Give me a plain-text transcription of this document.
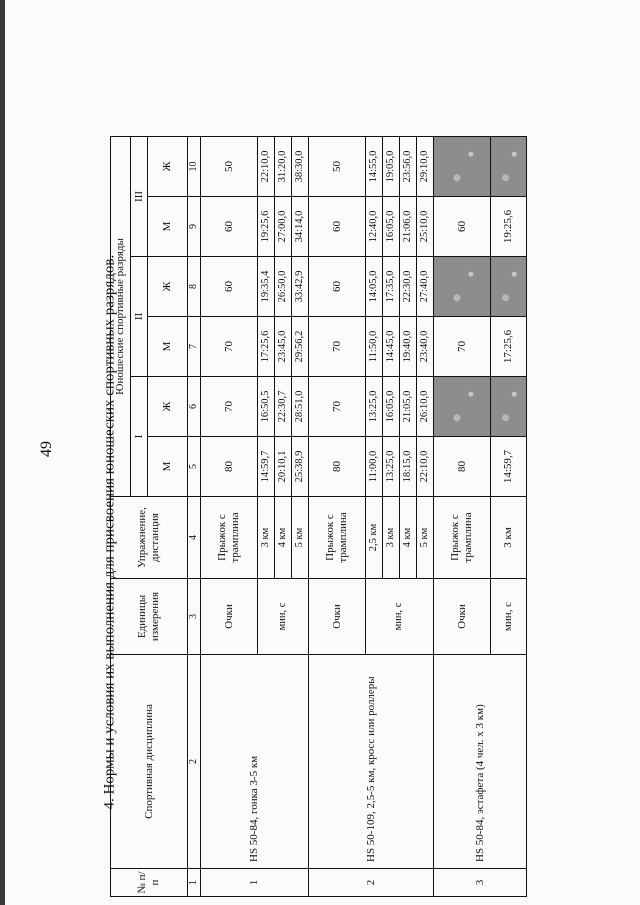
49	4. Нормы и условия их выполнения для присвоения юношеских спортивных разрядов.
№ п/п	Спортивная дисциплина	Единицы измерения	Упражнение, дистанция	Юношеские спортивные разряды					
				I		II		III	
				М	Ж	М	Ж	М	Ж
1	2	3	4	5	6	7	8	9	10
1	HS 50-84, гонка 3-5 км	Очки	Прыжок с трамплина	80	70	70	60	60	50
		мин, с	3 км	14:59,7	16:50,5	17:25,6	19:35,4	19:25,6	22:10,0
			4 км	20:10,1	22:30,7	23:45,0	26:50,0	27:00,0	31:20,0
			5 км	25:38,9	28:51,0	29:56,2	33:42,9	34:14,0	38:30,0
2	HS 50-109, 2,5-5 км, кросс или роллеры	Очки	Прыжок с трамплина	80	70	70	60	60	50
		мин, с	2,5 км	11:00,0	13:25,0	11:50,0	14:05,0	12:40,0	14:55,0
			3 км	13:25,0	16:05,0	14:45,0	17:35,0	16:05,0	19:05,0
			4 км	18:15,0	21:05,0	19:40,0	22:30,0	21:06,0	23:56,0
			5 км	22:10,0	26:10,0	23:40,0	27:40,0	25:10,0	29:10,0
3	HS 50-84, эстафета (4 чел. x 3 км)	Очки	Прыжок с трамплина	80		70		60	
		мин, с	3 км	14:59,7		17:25,6		19:25,6	
